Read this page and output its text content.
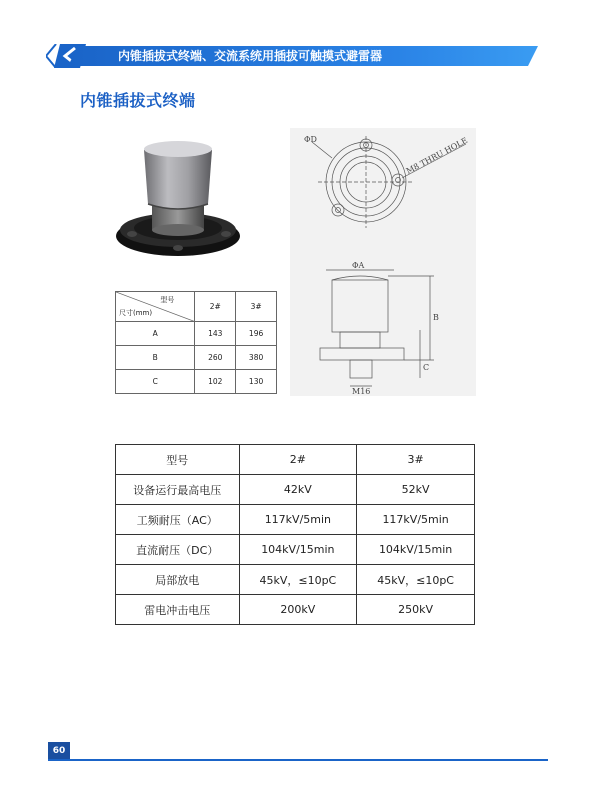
内锥插拔式终端、交流系统用插拔可触摸式避雷器
内锥插拔式终端
ΦD	M8 THRU HOLE
ΦA
B
C
M16
型号
尺寸(mm)	2#	3#
A	143	196
B	260	380
C	102	130
型号	2#	3#
设备运行最高电压	42kV	52kV
工频耐压（AC）	117kV/5min	117kV/5min
直流耐压（DC）	104kV/15min	104kV/15min
局部放电	45kV，≤10pC	45kV，≤10pC
雷电冲击电压	200kV	250kV
60
